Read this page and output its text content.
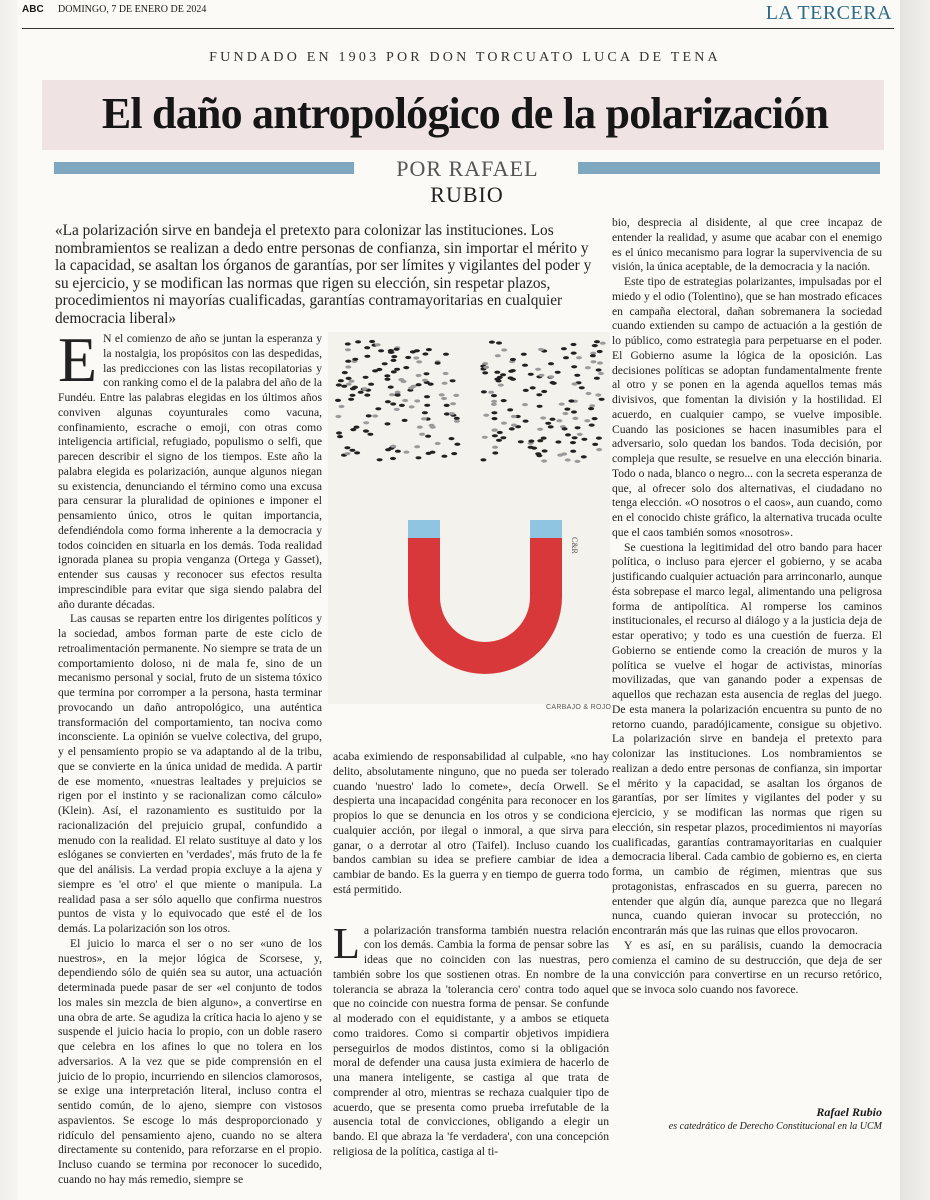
ABC DOMINGO, 7 DE ENERO DE 2024	LA TERCERA
FUNDADO EN 1903 POR DON TORCUATO LUCA DE TENA
El daño antropológico de la polarización
POR RAFAEL RUBIO
«La polarización sirve en bandeja el pretexto para colonizar las instituciones. Los nombramientos se realizan a dedo entre personas de confianza, sin importar el mérito y la capacidad, se asaltan los órganos de garantías, por ser límites y vigilantes del poder y su ejercicio, y se modifican las normas que rigen su elección, sin respetar plazos, procedimientos ni mayorías cualificadas, garantías contramayoritarias en cualquier democracia liberal»

E N el comienzo de año se juntan la esperanza y la nostalgia, los propósitos con las despedidas, las predicciones con las listas recopilatorias y con ranking como el de la palabra del año de la Fundéu. Entre las palabras elegidas en los últimos años conviven algunas coyunturales como vacuna, confinamiento, escrache o emoji, con otras como inteligencia artificial, refugiado, populismo o selfi, que parecen describir el signo de los tiempos. Este año la palabra elegida es polarización, aunque algunos niegan su existencia, denunciando el término como una excusa para censurar la pluralidad de opiniones e imponer el pensamiento único, otros le quitan importancia, defendiéndola como forma inherente a la democracia y todos coinciden en situarla en los demás. Toda realidad ignorada planea su propia venganza (Ortega y Gasset), entender sus causas y reconocer sus efectos resulta imprescindible para evitar que siga siendo palabra del año durante décadas.

Las causas se reparten entre los dirigentes políticos y la sociedad, ambos forman parte de este ciclo de retroalimentación permanente. No siempre se trata de un comportamiento doloso, ni de mala fe, sino de un mecanismo personal y social, fruto de un sistema tóxico que termina por corromper a la persona, hasta terminar provocando un daño antropológico, una auténtica transformación del comportamiento, tan nociva como inconsciente. La opinión se vuelve colectiva, del grupo, y el pensamiento propio se va adaptando al de la tribu, que se convierte en la única unidad de medida. A partir de ese momento, «nuestras lealtades y prejuicios se rigen por el instinto y se racionalizan como cálculo» (Klein). Así, el razonamiento es sustituido por la racionalización del prejuicio grupal, confundido a menudo con la realidad. El relato sustituye al dato y los eslóganes se convierten en 'verdades', más fruto de la fe que del análisis. La verdad propia excluye a la ajena y siempre es 'el otro' el que miente o manipula. La realidad pasa a ser sólo aquello que confirma nuestros puntos de vista y lo equivocado que esté el de los demás. La polarización son los otros.

El juicio lo marca el ser o no ser «uno de los nuestros», en la mejor lógica de Scorsese, y, dependiendo sólo de quién sea su autor, una actuación determinada puede pasar de ser «el conjunto de todos los males sin mezcla de bien alguno», a convertirse en una obra de arte. Se agudiza la crítica hacia lo ajeno y se suspende el juicio hacia lo propio, con un doble rasero que celebra en los afines lo que no tolera en los adversarios. A la vez que se pide comprensión en el juicio de lo propio, incurriendo en silencios clamorosos, se exige una interpretación literal, incluso contra el sentido común, de lo ajeno, siempre con vistosos aspavientos. Se escoge lo más desproporcionado y ridículo del pensamiento ajeno, cuando no se altera directamente su contenido, para reforzarse en el propio. Incluso cuando se termina por reconocer lo sucedido, cuando no hay más remedio, siempre se

C&R
CARBAJO & ROJO

acaba eximiendo de responsabilidad al culpable, «no hay delito, absolutamente ninguno, que no pueda ser tolerado cuando 'nuestro' lado lo comete», decía Orwell. Se despierta una incapacidad congénita para reconocer en los propios lo que se denuncia en los otros y se condiciona cualquier acción, por ilegal o inmoral, a que sirva para ganar, o a derrotar al otro (Taifel). Incluso cuando los bandos cambian su idea se prefiere cambiar de idea a cambiar de bando. Es la guerra y en tiempo de guerra todo está permitido.

La polarización transforma también nuestra relación con los demás. Cambia la forma de pensar sobre las ideas que no coinciden con las nuestras, pero también sobre los que sostienen otras. En nombre de la tolerancia se abraza la 'tolerancia cero' contra todo aquel que no coincide con nuestra forma de pensar. Se confunde al moderado con el equidistante, y a ambos se etiqueta como traidores. Como si compartir objetivos impidiera perseguirlos de modos distintos, como si la obligación moral de defender una causa justa eximiera de hacerlo de una manera inteligente, se castiga al que trata de comprender al otro, mientras se rechaza cualquier tipo de acuerdo, que se presenta como prueba irrefutable de la ausencia total de convicciones, obligando a elegir un bando. El que abraza la 'fe verdadera', con una concepción religiosa de la política, castiga al ti-

bio, desprecia al disidente, al que cree incapaz de entender la realidad, y asume que acabar con el enemigo es el único mecanismo para lograr la supervivencia de su visión, la única aceptable, de la democracia y la nación.

Este tipo de estrategias polarizantes, impulsadas por el miedo y el odio (Tolentino), que se han mostrado eficaces en campaña electoral, dañan sobremanera la sociedad cuando extienden su campo de actuación a la gestión de lo público, como estrategia para perpetuarse en el poder. El Gobierno asume la lógica de la oposición. Las decisiones políticas se adoptan fundamentalmente frente al otro y se ponen en la agenda aquellos temas más divisivos, que fomentan la división y la hostilidad. El acuerdo, en cualquier campo, se vuelve imposible. Cuando las posiciones se hacen inasumibles para el adversario, solo quedan los bandos. Toda decisión, por compleja que resulte, se resuelve en una elección binaria. Todo o nada, blanco o negro... con la secreta esperanza de que, al ofrecer solo dos alternativas, el ciudadano no tenga elección. «O nosotros o el caos», aun cuando, como en el conocido chiste gráfico, la alternativa trucada oculte que el caos también somos «nosotros».

Se cuestiona la legitimidad del otro bando para hacer política, o incluso para ejercer el gobierno, y se acaba justificando cualquier actuación para arrinconarlo, aunque ésta sobrepase el marco legal, alimentando una peligrosa forma de antipolítica. Al romperse los caminos institucionales, el recurso al diálogo y a la justicia deja de estar operativo; y todo es una cuestión de fuerza. El Gobierno se entiende como la creación de muros y la política se vuelve el hogar de activistas, minorías movilizadas, que van ganando poder a expensas de aquellos que rechazan esta ausencia de reglas del juego. De esta manera la polarización encuentra su punto de no retorno cuando, paradójicamente, consigue su objetivo. La polarización sirve en bandeja el pretexto para colonizar las instituciones. Los nombramientos se realizan a dedo entre personas de confianza, sin importar el mérito y la capacidad, se asaltan los órganos de garantías, por ser límites y vigilantes del poder y su ejercicio, y se modifican las normas que rigen su elección, sin respetar plazos, procedimientos ni mayorías cualificadas, garantías contramayoritarias en cualquier democracia liberal. Cada cambio de gobierno es, en cierta forma, un cambio de régimen, mientras que sus protagonistas, enfrascados en su guerra, parecen no entender que algún día, aunque parezca que no llegará nunca, cuando quieran invocar su protección, no encontrarán más que las ruinas que ellos provocaron.

Y es así, en su parálisis, cuando la democracia comienza el camino de su destrucción, que deja de ser una convicción para convertirse en un recurso retórico, que se invoca solo cuando nos favorece.

Rafael Rubio
es catedrático de Derecho Constitucional en la UCM
